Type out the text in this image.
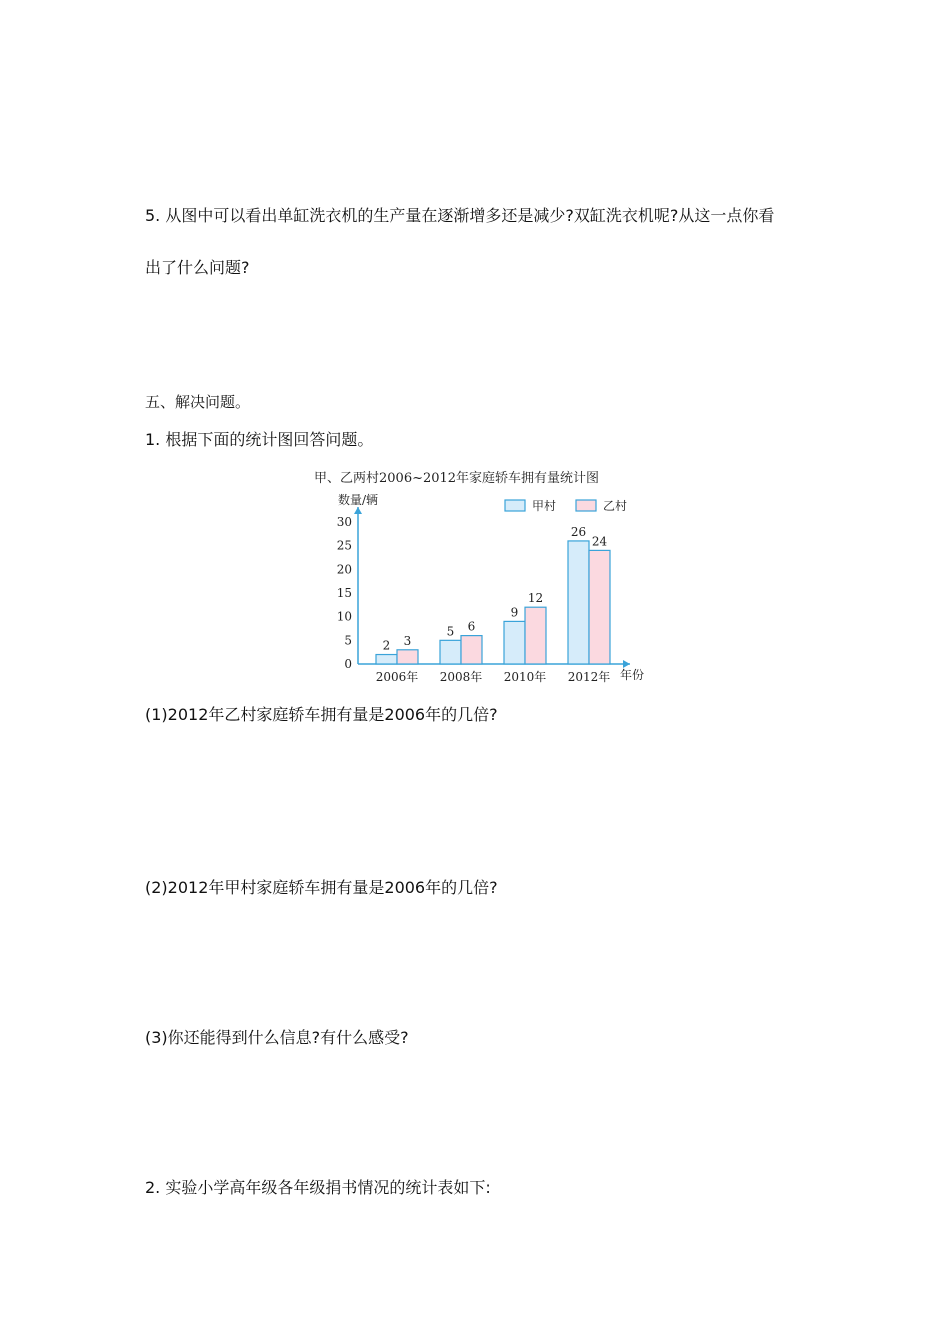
5. 从图中可以看出单缸洗衣机的生产量在逐渐增多还是减少?双缸洗衣机呢?从这一点你看
出了什么问题?
五、解决问题。
1. 根据下面的统计图回答问题。
甲、乙两村2006~2012年家庭轿车拥有量统计图
数量/辆
年份
0
5
10
15
20
25
30
2 3
5 6
9
12
26
24
2006年 2008年 2010年 2012年
甲村	乙村
(1)2012年乙村家庭轿车拥有量是2006年的几倍?
(2)2012年甲村家庭轿车拥有量是2006年的几倍?
(3)你还能得到什么信息?有什么感受?
2. 实验小学高年级各年级捐书情况的统计表如下:
